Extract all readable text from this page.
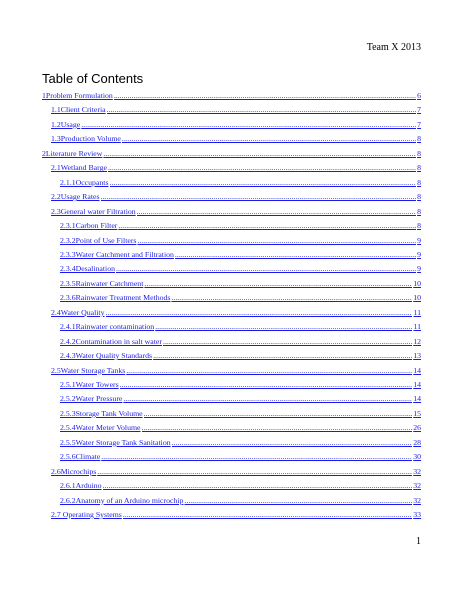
Team X 2013
Table of Contents
1Problem Formulation .....	6
1.1Client Criteria .....	7
1.2Usage .....	7
1.3Production Volume .....	8
2Literature Review .....	8
2.1Wetland Barge .....	8
2.1.1Occupants .....	8
2.2Usage Rates .....	8
2.3General water Filtration .....	8
2.3.1Carbon Filter .....	8
2.3.2Point of Use Filters .....	9
2.3.3Water Catchment and Filtration .....	9
2.3.4Desalination .....	9
2.3.5Rainwater Catchment .....	10
2.3.6Rainwater Treatment Methods .....	10
2.4Water Quality .....	11
2.4.1Rainwater contamination .....	11
2.4.2Contamination in salt water .....	12
2.4.3Water Quality Standards .....	13
2.5Water Storage Tanks .....	14
2.5.1Water Towers .....	14
2.5.2Water Pressure .....	14
2.5.3Storage Tank Volume .....	15
2.5.4Water Meter Volume .....	26
2.5.5Water Storage Tank Sanitation .....	28
2.5.6Climate .....	30
2.6Microchips .....	32
2.6.1Arduino .....	32
2.6.2Anatomy of an Arduino microchip .....	32
2.7 Operating Systems .....	33
1
